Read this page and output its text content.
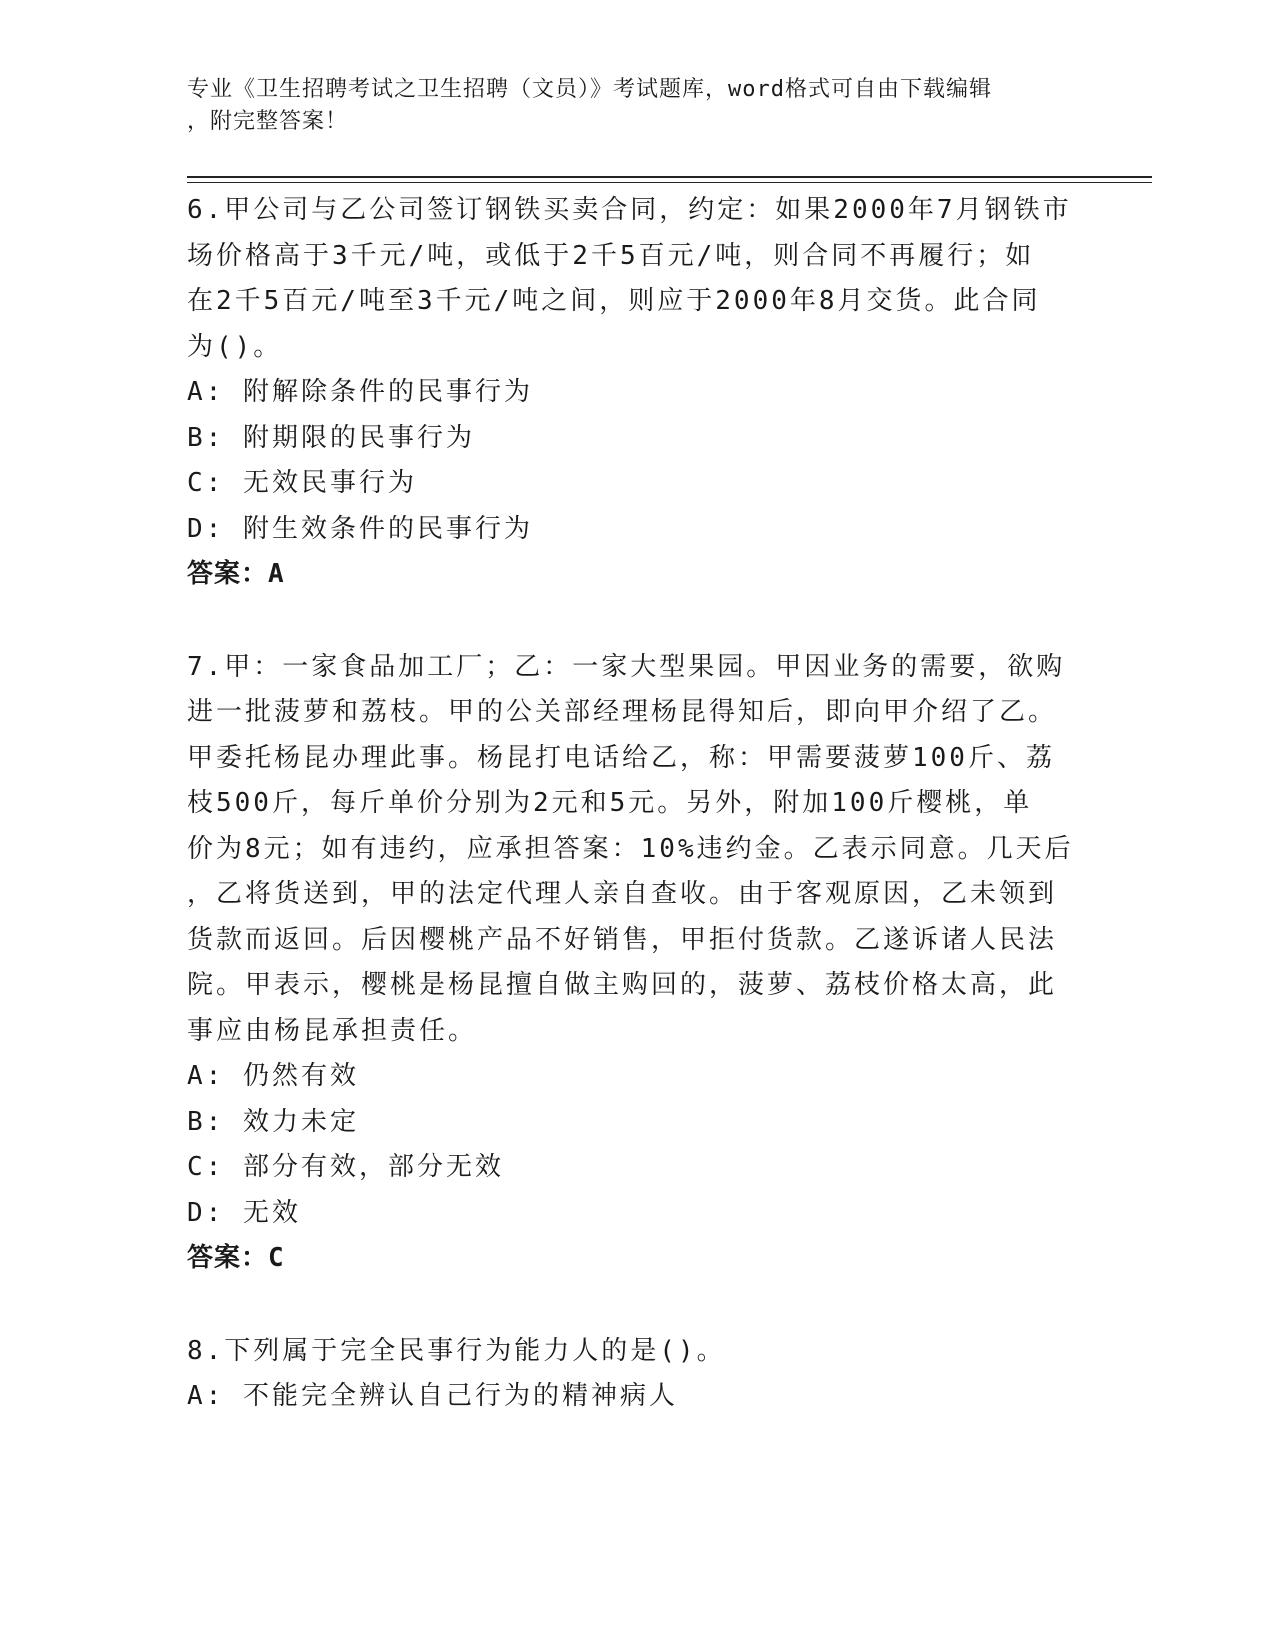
专业《卫生招聘考试之卫生招聘（文员）》考试题库，word格式可自由下载编辑
，附完整答案！
6.甲公司与乙公司签订钢铁买卖合同，约定：如果2000年7月钢铁市
场价格高于3千元/吨，或低于2千5百元/吨，则合同不再履行；如
在2千5百元/吨至3千元/吨之间，则应于2000年8月交货。此合同
为()。
A: 附解除条件的民事行为
B: 附期限的民事行为
C: 无效民事行为
D: 附生效条件的民事行为
答案：A
7.甲：一家食品加工厂；乙：一家大型果园。甲因业务的需要，欲购
进一批菠萝和荔枝。甲的公关部经理杨昆得知后，即向甲介绍了乙。
甲委托杨昆办理此事。杨昆打电话给乙，称：甲需要菠萝100斤、荔
枝500斤，每斤单价分别为2元和5元。另外，附加100斤樱桃，单
价为8元；如有违约，应承担答案：10%违约金。乙表示同意。几天后
，乙将货送到，甲的法定代理人亲自查收。由于客观原因，乙未领到
货款而返回。后因樱桃产品不好销售，甲拒付货款。乙遂诉诸人民法
院。甲表示，樱桃是杨昆擅自做主购回的，菠萝、荔枝价格太高，此
事应由杨昆承担责任。
A: 仍然有效
B: 效力未定
C: 部分有效，部分无效
D: 无效
答案：C
8.下列属于完全民事行为能力人的是()。
A: 不能完全辨认自己行为的精神病人
